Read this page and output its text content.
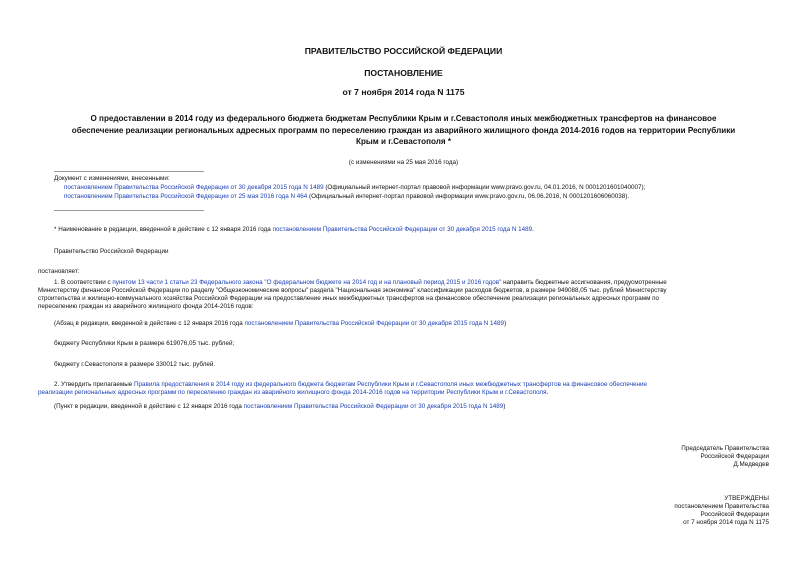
ПРАВИТЕЛЬСТВО РОССИЙСКОЙ ФЕДЕРАЦИИ
ПОСТАНОВЛЕНИЕ
от 7 ноября 2014 года N 1175
О предоставлении в 2014 году из федерального бюджета бюджетам Республики Крым и г.Севастополя иных межбюджетных трансфертов на финансовое
обеспечение реализации региональных адресных программ по переселению граждан из аварийного жилищного фонда 2014-2016 годов на территории Республики
Крым и г.Севастополя *
(с изменениями на 25 мая 2016 года)
Документ с изменениями, внесенными:
постановлением Правительства Российской Федерации от 30 декабря 2015 года N 1489 (Официальный интернет-портал правовой информации www.pravo.gov.ru, 04.01.2016, N 0001201601040007);
постановлением Правительства Российской Федерации от 25 мая 2016 года N 464 (Официальный интернет-портал правовой информации www.pravo.gov.ru, 06.06.2016, N 0001201606060038).
* Наименование в редакции, введенной в действие с 12 января 2016 года постановлением Правительства Российской Федерации от 30 декабря 2015 года N 1489.
Правительство Российской Федерации
постановляет:
1. В соответствии с пунктом 13 части 1 статьи 23 Федерального закона "О федеральном бюджете на 2014 год и на плановый период 2015 и 2016 годов" направить бюджетные ассигнования, предусмотренные
Министерству финансов Российской Федерации по разделу "Общеэкономические вопросы" раздела "Национальная экономика" классификации расходов бюджетов, в размере 949088,05 тыс. рублей Министерству
строительства и жилищно-коммунального хозяйства Российской Федерации на предоставление иных межбюджетных трансфертов на финансовое обеспечение реализации региональных адресных программ по
переселению граждан из аварийного жилищного фонда 2014-2016 годов:
(Абзац в редакции, введенной в действие с 12 января 2016 года постановлением Правительства Российской Федерации от 30 декабря 2015 года N 1489)
бюджету Республики Крым в размере 619076,05 тыс. рублей;
бюджету г.Севастополя в размере 330012 тыс. рублей.
2. Утвердить прилагаемые Правила предоставления в 2014 году из федерального бюджета бюджетам Республики Крым и г.Севастополя иных межбюджетных трансфертов на финансовое обеспечение
реализации региональных адресных программ по переселению граждан из аварийного жилищного фонда 2014-2016 годов на территории Республики Крым и г.Севастополя.
(Пункт в редакции, введенной в действие с 12 января 2016 года постановлением Правительства Российской Федерации от 30 декабря 2015 года N 1489)
Председатель Правительства
Российской Федерации
Д.Медведев
УТВЕРЖДЕНЫ
постановлением Правительства
Российской Федерации
от 7 ноября 2014 года N 1175
